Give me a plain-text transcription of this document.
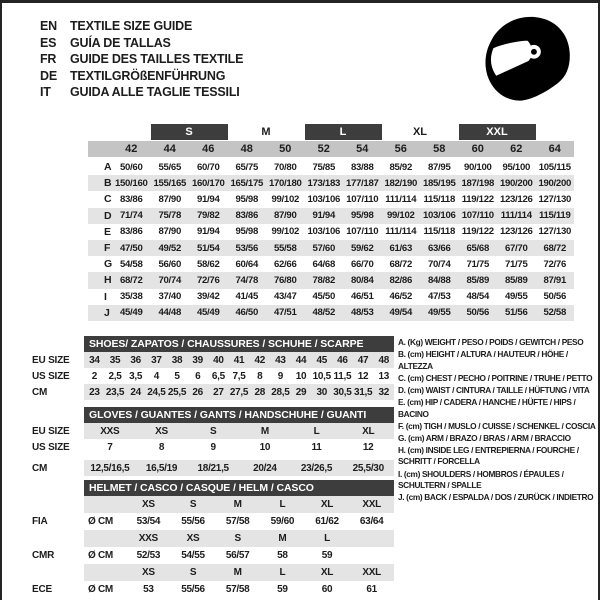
EN	TEXTILE SIZE GUIDE
ES	GUÍA DE TALLAS
FR	GUIDE DES TAILLES TEXTILE
DE	TEXTILGRÖßENFÜHRUNG
IT	GUIDA ALLE TAGLIE TESSILI
S	M	L	XL	XXL
42	44	46	48	50	52	54	56	58	60	62	64
A 50/60	55/65	60/70	65/75	70/80	75/85	83/88	85/92	87/95	90/100	95/100 105/115
B 150/160 155/165 160/170 165/175 170/180 173/183 177/187 182/190 185/195 187/198 190/200 190/200
C 83/86	87/90	91/94	95/98	99/102 103/106 107/110 111/114 115/118 119/122 123/126 127/130
D 71/74	75/78	79/82	83/86	87/90	91/94	95/98	99/102 103/106 107/110 111/114 115/119
E 83/86	87/90	91/94	95/98	99/102 103/106 107/110 111/114 115/118 119/122 123/126 127/130
F 47/50	49/52	51/54	53/56	55/58	57/60	59/62	61/63	63/66	65/68	67/70	68/72
G 54/58	56/60	58/62	60/64	62/66	64/68	66/70	68/72	70/74	71/75	71/75	72/76
H 68/72	70/74	72/76	74/78	76/80	78/82	80/84	82/86	84/88	85/89	85/89	87/91
I	35/38	37/40	39/42	41/45	43/47	45/50	46/51	46/52	47/53	48/54	49/55	50/56
J	45/49	44/48	45/49	46/50	47/51	48/52	48/53	49/54	49/55	50/56	51/56	52/58
SHOES/ ZAPATOS / CHAUSSURES / SCHUHE / SCARPE
EU SIZE	34	35	36	37	38	39	40	41	42	43	44	45	46	47	48
US SIZE	2	2,5 3,5	4	5	6	6,5 7,5	8	9	10 10,5 11,5 12	13
CM	23 23,5 24 24,5 25,5 26	27 27,5 28 28,5 29	30 30,5 31,5 32
GLOVES / GUANTES / GANTS / HANDSCHUHE / GUANTI
EU SIZE	XXS	XS	S	M	L	XL
US SIZE	7	8	9	10	11	12
CM	12,5/16,5	16,5/19	18/21,5	20/24	23/26,5	25,5/30
HELMET / CASCO / CASQUE / HELM / CASCO
XS	S	M	L	XL	XXL
FIA	Ø CM	53/54	55/56	57/58	59/60	61/62	63/64
XXS	XS	S	M	L
CMR	Ø CM	52/53	54/55	56/57	58	59
XS	S	M	L	XL	XXL
ECE	Ø CM	53	55/56	57/58	59	60	61
A. (Kg) WEIGHT / PESO / POIDS / GEWITCH / PESO
B. (cm) HEIGHT / ALTURA / HAUTEUR / HÖHE / ALTEZZA
C. (cm) CHEST / PECHO / POITRINE / TRUHE / PETTO
D. (cm) WAIST / CINTURA / TAILLE / HÜFTUNG / VITA
E. (cm) HIP / CADERA / HANCHE / HÜFTE / HIPS / BACINO
F. (cm) TIGH / MUSLO / CUISSE / SCHENKEL / COSCIA
G. (cm) ARM / BRAZO / BRAS / ARM / BRACCIO
H. (cm) INSIDE LEG / ENTREPIERNA / FOURCHE / SCHRITT / FORCELLA
I. (cm) SHOULDERS / HOMBROS / ÉPAULES / SCHULTERN / SPALLE
J. (cm) BACK / ESPALDA / DOS / ZURÜCK / INDIETRO
